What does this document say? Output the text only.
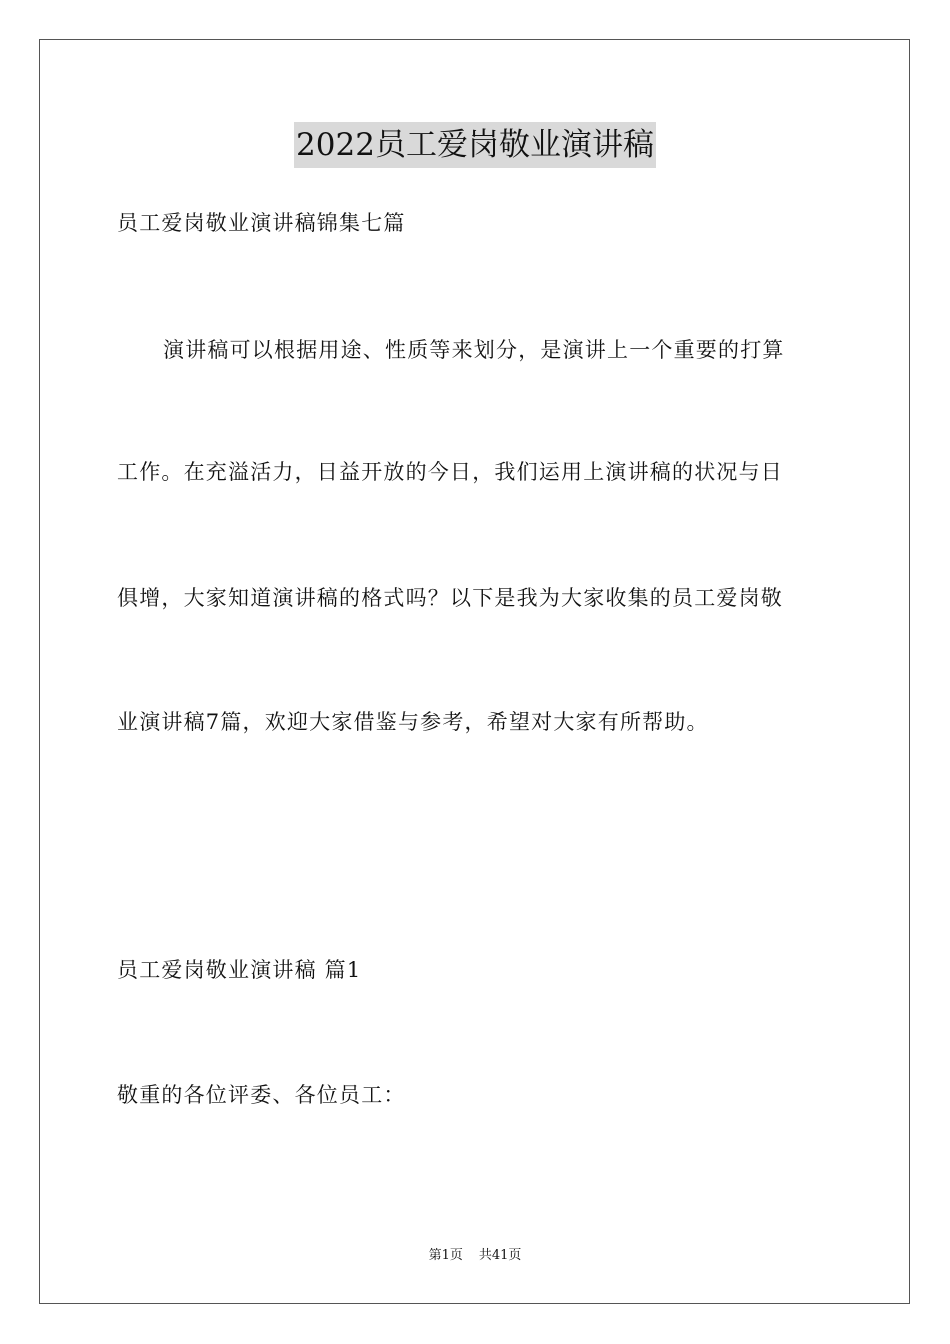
2022员工爱岗敬业演讲稿
员工爱岗敬业演讲稿锦集七篇
演讲稿可以根据用途、性质等来划分，是演讲上一个重要的打算
工作。在充溢活力，日益开放的今日，我们运用上演讲稿的状况与日
俱增，大家知道演讲稿的格式吗？以下是我为大家收集的员工爱岗敬
业演讲稿7篇，欢迎大家借鉴与参考，希望对大家有所帮助。
员工爱岗敬业演讲稿 篇1
敬重的各位评委、各位员工：
第1页 共41页
